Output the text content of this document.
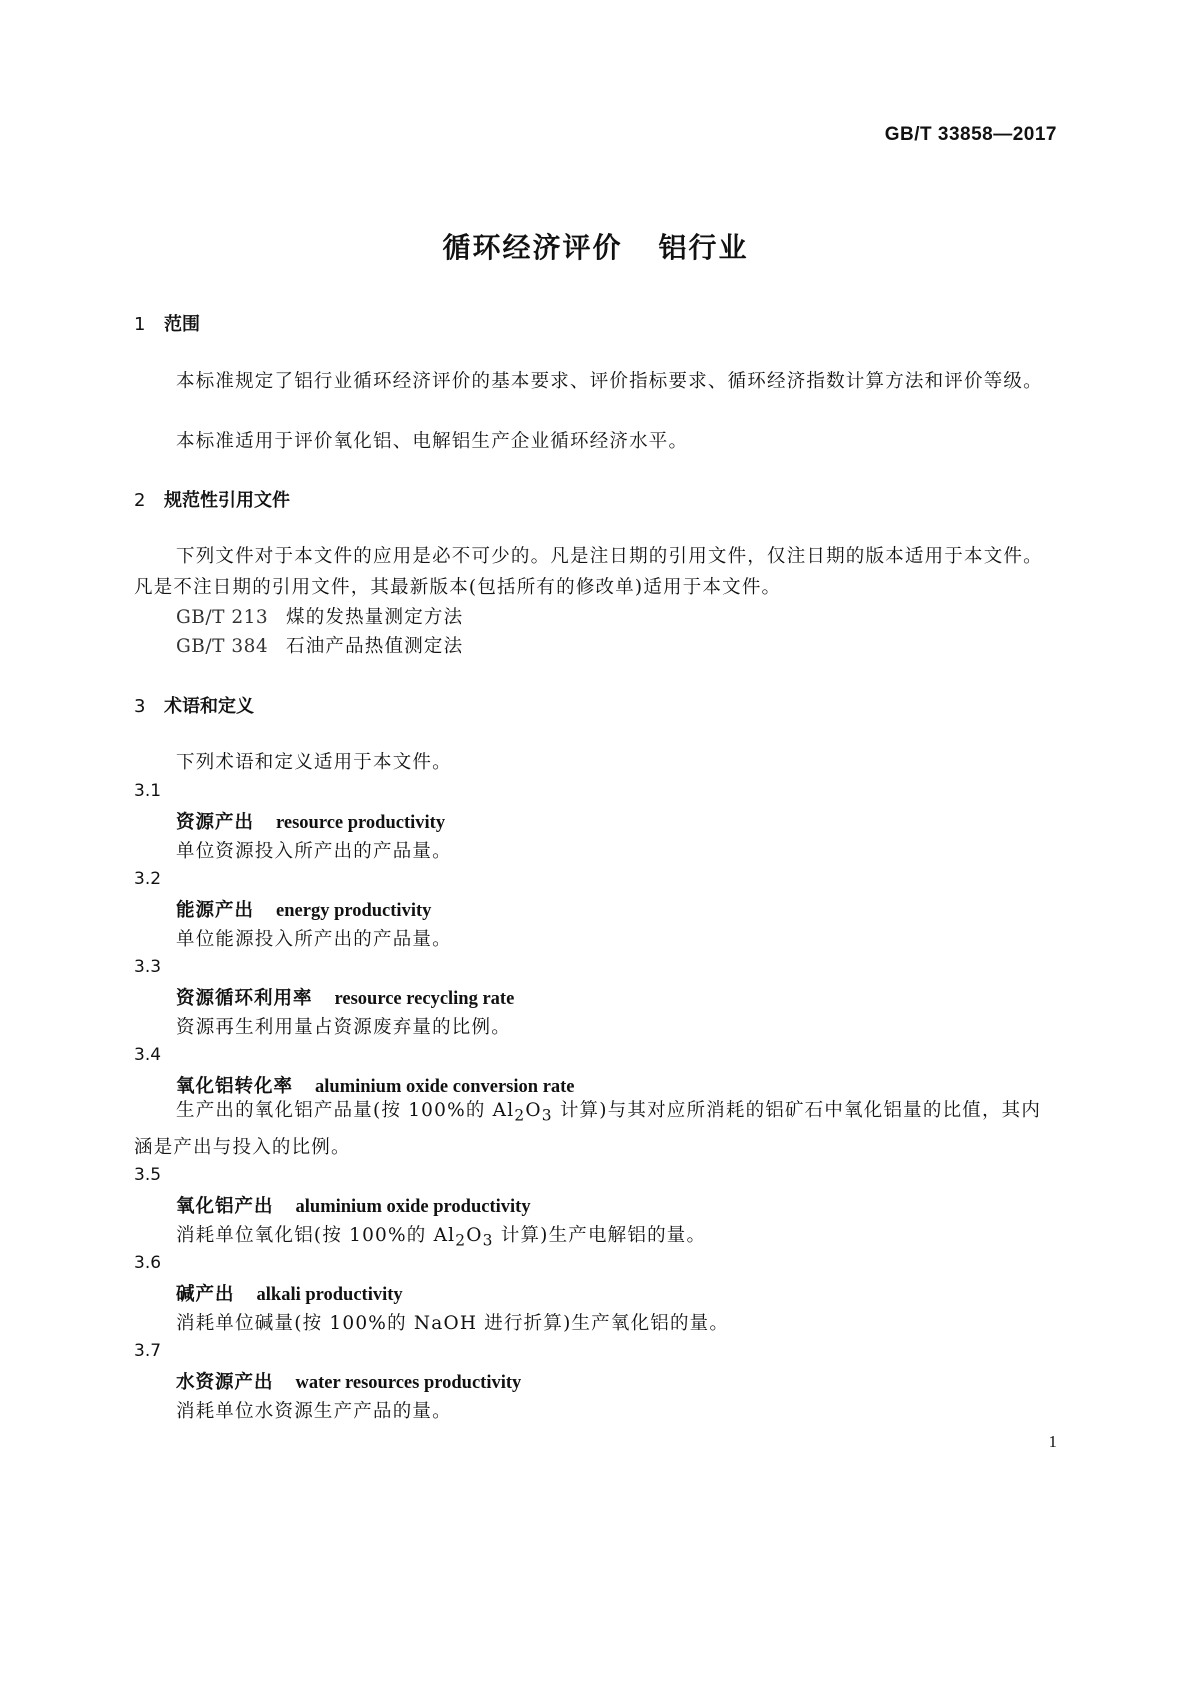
GB/T 33858—2017
循环经济评价 铝行业
1 范围
本标准规定了铝行业循环经济评价的基本要求、评价指标要求、循环经济指数计算方法和评价等级。
本标准适用于评价氧化铝、电解铝生产企业循环经济水平。
2 规范性引用文件
下列文件对于本文件的应用是必不可少的。凡是注日期的引用文件，仅注日期的版本适用于本文件。凡是不注日期的引用文件，其最新版本(包括所有的修改单)适用于本文件。
GB/T 213 煤的发热量测定方法
GB/T 384 石油产品热值测定法
3 术语和定义
下列术语和定义适用于本文件。
3.1
资源产出 resource productivity
单位资源投入所产出的产品量。
3.2
能源产出 energy productivity
单位能源投入所产出的产品量。
3.3
资源循环利用率 resource recycling rate
资源再生利用量占资源废弃量的比例。
3.4
氧化铝转化率 aluminium oxide conversion rate
生产出的氧化铝产品量(按 100%的 $Al_2O_3$ 计算)与其对应所消耗的铝矿石中氧化铝量的比值，其内涵是产出与投入的比例。
3.5
氧化铝产出 aluminium oxide productivity
消耗单位氧化铝(按 100%的 $Al_2O_3$ 计算)生产电解铝的量。
3.6
碱产出 alkali productivity
消耗单位碱量(按 100%的 NaOH 进行折算)生产氧化铝的量。
3.7
水资源产出 water resources productivity
消耗单位水资源生产产品的量。
1
